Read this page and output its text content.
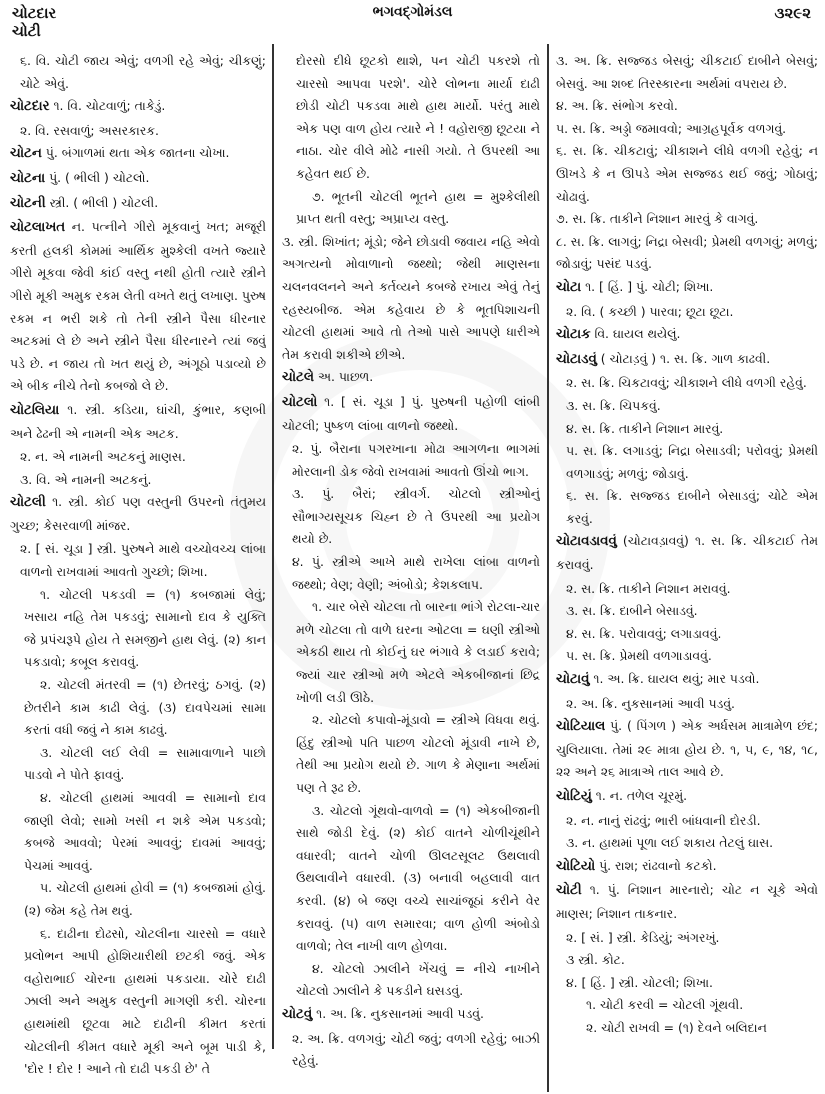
ચોટદાર
ચોટી
ભગવદ્ગોમંડલ	૩૨૯૨
૬. વિ. ચોટી જાય એવું; વળગી રહે એવું; ચીકણું; ચોટે એવું.
ચોટદાર ૧. વિ. ચોટવાળું; તાકેડું.
૨. વિ. રસવાળું; અસરકારક.
ચોટન પું. બંગાળમાં થતા એક જાતના ચોખા.
ચોટના પું. ( ભીલી ) ચોટલો.
ચોટની સ્ત્રી. ( ભીલી ) ચોટલી.
ચોટલાખત ન. પત્નીને ગીરો મૂકવાનું ખત; મજૂરી કરતી હલકી કોમમાં આર્થિક મુશ્કેલી વખતે જ્યારે ગીરો મૂકવા જેવી કાંઈ વસ્તુ નથી હોતી ત્યારે સ્ત્રીને ગીરો મૂકી અમુક રકમ લેતી વખતે થતું લખાણ. પુરુષ રકમ ન ભરી શકે તો તેની સ્ત્રીને પૈસા ધીરનાર અટકમાં લે છે અને સ્ત્રીને પૈસા ધીરનારને ત્યાં જવું પડે છે. ન જાય તો ખત થયું છે, અંગૂઠો પડાવ્યો છે એ બીક નીચે તેનો કબજો લે છે.
ચોટલિયા ૧. સ્ત્રી. કડિયા, ઘાંચી, કુંભાર, કણબી અને ઢેઢની એ નામની એક અટક.
૨. ન. એ નામની અટકનું માણસ.
૩. વિ. એ નામની અટકનું.
ચોટલી ૧. સ્ત્રી. કોઈ પણ વસ્તુની ઉપરનો તંતુમય ગુચ્છ; કેસરવાળી માંજર.
૨. [ સં. ચૂડા ] સ્ત્રી. પુરુષને માથે વચ્ચોવચ્ચ લાંબા વાળનો રાખવામાં આવતો ગુચ્છો; શિખા.
૧. ચોટલી પકડવી = (૧) કબજામાં લેવું; ખસાય નહિ તેમ પકડવું; સામાનો દાવ કે યુક્તિ જે પ્રપંચરૂપે હોય તે સમજીને હાથ લેવું. (૨) કાન પકડાવો; કબૂલ કરાવવું.
૨. ચોટલી મંતરવી = (૧) છેતરવું; ઠગવું. (૨) છેતરીને કામ કાઢી લેવું. (૩) દાવપેચમાં સામા કરતાં વધી જવું ને કામ કાઢવું.
૩. ચોટલી લઈ લેવી = સામાવાળાને પાછો પાડવો ને પોતે ફાવવું.
૪. ચોટલી હાથમાં આવવી = સામાનો દાવ જાણી લેવો; સામો ખસી ન શકે એમ પકડવો; કબજે આવવો; પેરમાં આવવું; દાવમાં આવવું; પેચમાં આવવું.
૫. ચોટલી હાથમાં હોવી = (૧) કબજામાં હોવું. (૨) જેમ કહે તેમ થવું.
૬. દાઢીના દોઢસો, ચોટલીના ચારસો = વધારે પ્રલોભન આપી હોશિયારીથી છટકી જવું. એક વહોરાભાઈ ચોરના હાથમાં પકડાયા. ચોરે દાઢી ઝાલી અને અમુક વસ્તુની માગણી કરી. ચોરના હાથમાંથી છૂટવા માટે દાઢીની કીમત કરતાં ચોટલીની કીમત વધારે મૂકી અને બૂમ પાડી કે, 'દોર ! દોર ! આને તો દાઢી પકડી છે' તે
દોરસો દીધે છૂટકો થાશે, પન ચોટી પકરશે તો ચારસો આપવા પરશે'. ચોરે લોભના માર્યા દાઢી છોડી ચોટી પકડવા માથે હાથ માર્યો. પરંતુ માથે એક પણ વાળ હોય ત્યારે ને ! વહોરાજી છૂટયા ને નાઠા. ચોર વીલે મોઢે નાસી ગયો. તે ઉપરથી આ કહેવત થઈ છે.
૭. ભૂતની ચોટલી ભૂતને હાથ = મુશ્કેલીથી પ્રાપ્ત થતી વસ્તુ; અપ્રાપ્ય વસ્તુ.
૩. સ્ત્રી. શિખાંત; મૂંડો; જેને છોડાવી જવાય નહિ એવો અગત્યનો મોવાળાનો જથ્થો; જેથી માણસના ચલનવલનને અને કર્તવ્યને કબજે રખાય એવું તેનું રહસ્યબીજ. એમ કહેવાય છે કે ભૂતપિશાચની ચોટલી હાથમાં આવે તો તેઓ પાસે આપણે ધારીએ તેમ કરાવી શકીએ છીએ.
ચોટલે અ. પાછળ.
ચોટલો ૧. [ સં. ચૂડા ] પું. પુરુષની પહોળી લાંબી ચોટલી; પુષ્કળ લાંબા વાળનો જથ્થો.
૨. પું. બૈરાના પગરખાના મોઢા આગળના ભાગમાં મોરલાની ડોક જેવો રાખવામાં આવતો ઊંચો ભાગ.
૩. પું. બૈરાં; સ્ત્રીવર્ગ. ચોટલો સ્ત્રીઓનું સૌભાગ્યસૂચક ચિહ્ન છે તે ઉપરથી આ પ્રયોગ થયો છે.
૪. પું. સ્ત્રીએ આખે માથે રાખેલા લાંબા વાળનો જથ્થો; વેણ; વેણી; અંબોડો; કેશકલાપ.
૧. ચાર બેસે ચોટલા તો બારના ભાંગે રોટલા-ચાર મળે ચોટલા તો વાળે ઘરના ઓટલા = ઘણી સ્ત્રીઓ એકઠી થાય તો કોઈનું ઘર ભંગાવે કે લડાઈ કરાવે; જ્યાં ચાર સ્ત્રીઓ મળે એટલે એકબીજાનાં છિદ્ર ખોળી લડી ઊઠે.
૨. ચોટલો કપાવો-મૂંડાવો = સ્ત્રીએ વિધવા થવું. હિંદુ સ્ત્રીઓ પતિ પાછળ ચોટલો મૂંડાવી નાખે છે, તેથી આ પ્રયોગ થયો છે. ગાળ કે મેણાના અર્થમાં પણ તે રૂઢ છે.
૩. ચોટલો ગૂંથવો-વાળવો = (૧) એકબીજાની સાથે જોડી દેવું. (૨) કોઈ વાતને ચોળીચૂંથીને વધારવી; વાતને ચોળી ઊલટસૂલટ ઉથલાવી ઉથલાવીને વધારવી. (૩) બનાવી બહલાવી વાત કરવી. (૪) બે જણ વચ્ચે સાચાંજૂઠાં કરીને વેર કરાવવું. (૫) વાળ સમારવા; વાળ હોળી અંબોડો વાળવો; તેલ નાખી વાળ હોળવા.
૪. ચોટલો ઝાલીને ખેંચવું = નીચે નાખીને ચોટલો ઝાલીને કે પકડીને ઘસડવું.
ચોટવું ૧. અ. ક્રિ. નુકસાનમાં આવી પડવું.
૨. અ. ક્રિ. વળગવું; ચોટી જવું; વળગી રહેવું; બાઝી રહેવું.
૩. અ. ક્રિ. સજ્જડ બેસવું; ચીકટાઈ દાબીને બેસવું; બેસવું. આ શબ્દ તિરસ્કારના અર્થમાં વપરાય છે.
૪. અ. ક્રિ. સંભોગ કરવો.
૫. સ. ક્રિ. અડ્ડો જમાવવો; આગ્રહપૂર્વક વળગવું.
૬. સ. ક્રિ. ચીકટાવું; ચીકાશને લીધે વળગી રહેવું; ન ઊખડે કે ન ઊપડે એમ સજ્જડ થઈ જવું; ગોઠાવું; ચોઢાવું.
૭. સ. ક્રિ. તાકીને નિશાન મારવું કે વાગવું.
૮. સ. ક્રિ. લાગવું; નિદ્રા બેસવી; પ્રેમથી વળગવું; મળવું; જોડાવું; પસંદ પડવું.
ચોટા ૧. [ હિં. ] પું. ચોટી; શિખા.
૨. વિ. ( કચ્છી ) પારવા; છૂટા છૂટા.
ચોટાક વિ. ઘાયલ થયેલું.
ચોટાડવું ( ચોટાડ઼વું ) ૧. સ. ક્રિ. ગાળ કાઢવી.
૨. સ. ક્રિ. ચિકટાવવું; ચીકાશને લીધે વળગી રહેવું.
૩. સ. ક્રિ. ચિપકવું.
૪. સ. ક્રિ. તાકીને નિશાન મારવું.
૫. સ. ક્રિ. લગાડવું; નિદ્રા બેસાડવી; પરોવવું; પ્રેમથી વળગાડવું; મળવું; જોડાવું.
૬. સ. ક્રિ. સજ્જડ દાબીને બેસાડવું; ચોટે એમ કરવું.
ચોટાવડાવવું (ચોટાવડ઼ાવવું) ૧. સ. ક્રિ. ચીકટાઈ તેમ કરાવવું.
૨. સ. ક્રિ. તાકીને નિશાન મરાવવું.
૩. સ. ક્રિ. દાબીને બેસાડવું.
૪. સ. ક્રિ. પરોવાવવું; લગાડાવવું.
૫. સ. ક્રિ. પ્રેમથી વળગાડાવવું.
ચોટાવું ૧. અ. ક્રિ. ઘાયલ થવું; માર પડવો.
૨. અ. ક્રિ. નુકસાનમાં આવી પડવું.
ચોટિયાલ પું. ( પિંગળ ) એક અર્ધસમ માત્રામેળ છંદ; ચુલિયાલા. તેમાં ૨૯ માત્રા હોય છે. ૧, ૫, ૯, ૧૪, ૧૮, ૨૨ અને ૨૬ માત્રાએ તાલ આવે છે.
ચોટિયું ૧. ન. તળેલ ચૂરમું.
૨. ન. નાનું રાંઢવું; ભારી બાંધવાની દોરડી.
૩. ન. હાથમાં પૂળા લઈ શકાય તેટલું ઘાસ.
ચોટિયો પું. રાશ; રાંઢવાનો કટકો.
ચોટી ૧. પું. નિશાન મારનારો; ચોટ ન ચૂકે એવો માણસ; નિશાન તાકનાર.
૨. [ સં. ] સ્ત્રી. કેડિયું; અંગરખું.
૩ સ્ત્રી. કોટ.
૪. [ હિં. ] સ્ત્રી. ચોટલી; શિખા.
૧. ચોટી કરવી = ચોટલી ગૂંથવી.
૨. ચોટી રાખવી = (૧) દેવને બલિદાન
